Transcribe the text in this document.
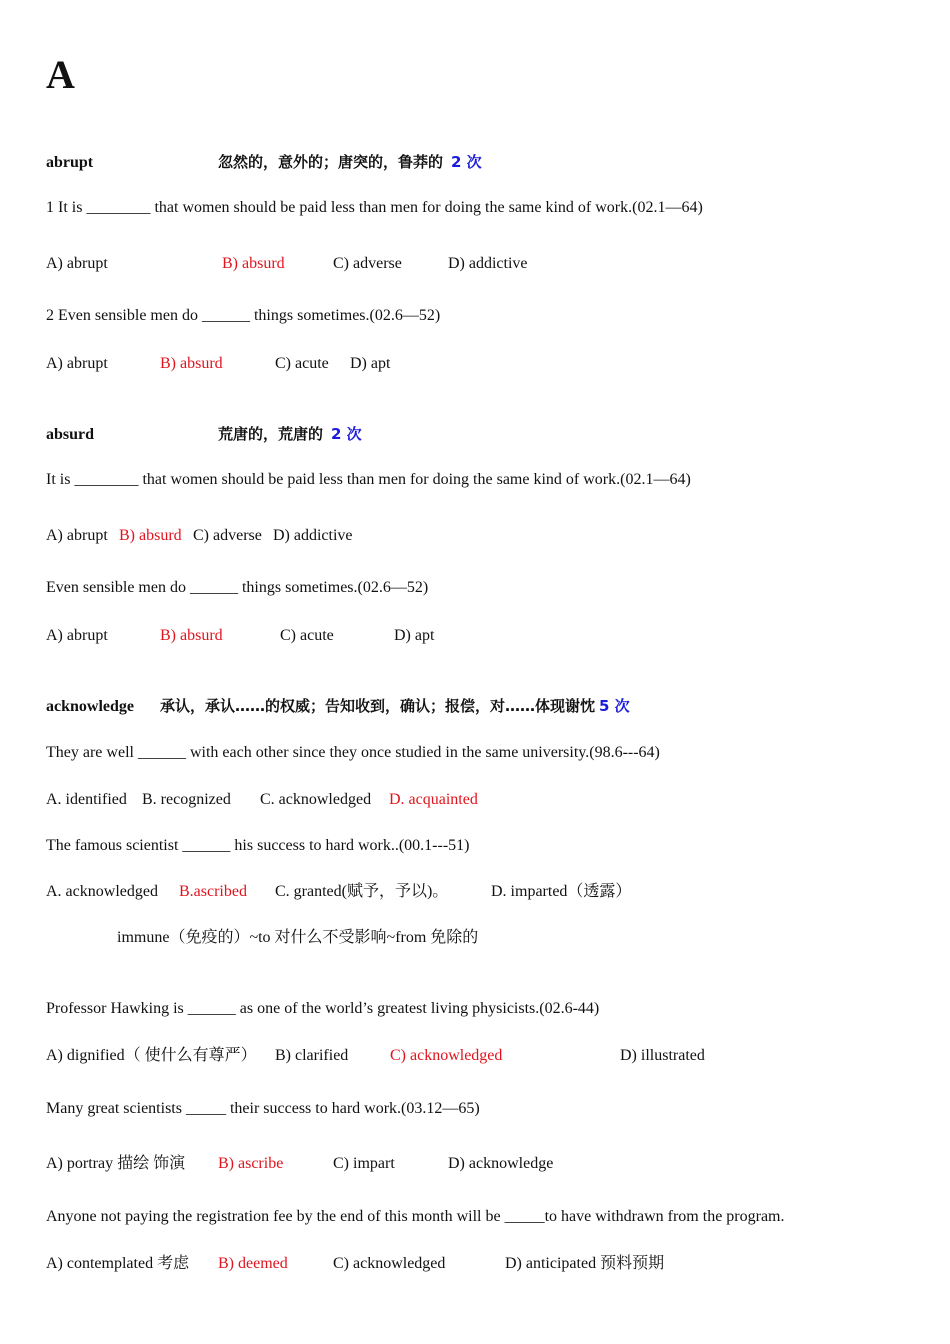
A
abrupt	忽然的，意外的；唐突的，鲁莽的 2 次
1 It is ________ that women should be paid less than men for doing the same kind of work.(02.1—64)
A) abrupt	B) absurd	C) adverse	D) addictive
2 Even sensible men do ______ things sometimes.(02.6—52)
A) abrupt	B) absurd	C) acute D) apt
absurd	荒唐的，荒唐的 2 次
It is ________ that women should be paid less than men for doing the same kind of work.(02.1—64)
A) abrupt B) absurd C) adverse D) addictive
Even sensible men do ______ things sometimes.(02.6—52)
A) abrupt	B) absurd	C) acute	D) apt
acknowledge 承认，承认……的权威；告知收到，确认；报偿，对……体现谢忱 5 次
They are well ______ with each other since they once studied in the same university.(98.6---64)
A. identified B. recognized C. acknowledged D. acquainted
The famous scientist ______ his success to hard work..(00.1---51)
A. acknowledged B.ascribed C. granted(赋予，予以)。	D. imparted（透露）
immune（免疫的）~to 对什么不受影响~from 免除的
Professor Hawking is ______ as one of the world’s greatest living physicists.(02.6-44)
A) dignified（ 使什么有尊严） B) clarified	C) acknowledged	D) illustrated
Many great scientists _____ their success to hard work.(03.12—65)
A) portray 描绘 饰演 B) ascribe	C) impart	D) acknowledge
Anyone not paying the registration fee by the end of this month will be _____to have withdrawn from the program.
A) contemplated 考虑 B) deemed	C) acknowledged	D) anticipated 预料预期
